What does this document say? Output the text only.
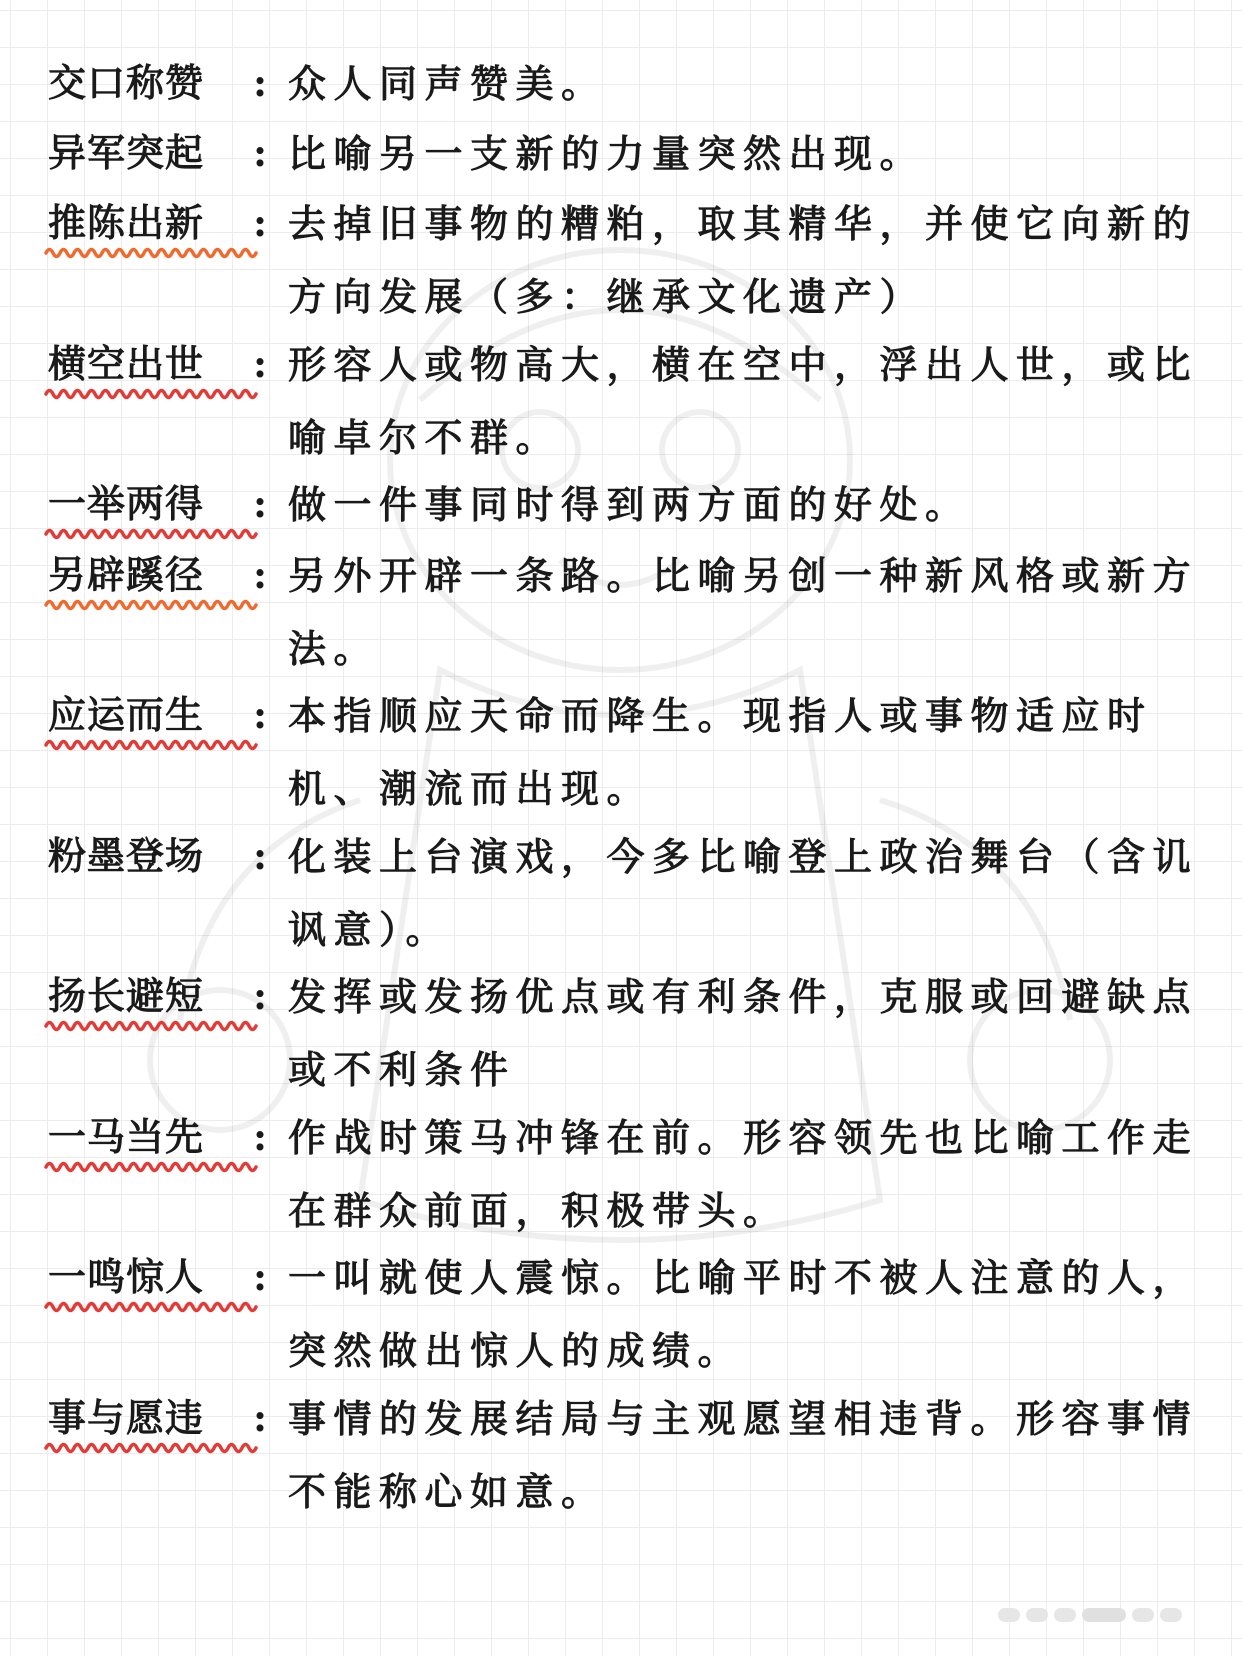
交口称赞	: 众人同声赞美。
异军突起	: 比喻另一支新的力量突然出现。
推陈出新	: 去掉旧事物的糟粕，取其精华，并使它向新的方向发展（多：继承文化遗产）
横空出世	: 形容人或物高大，横在空中，浮出人世，或比喻卓尔不群。
一举两得	: 做一件事同时得到两方面的好处。
另辟蹊径	: 另外开辟一条路。比喻另创一种新风格或新方法。
应运而生	: 本指顺应天命而降生。现指人或事物适应时机、潮流而出现。
粉墨登场	: 化装上台演戏，今多比喻登上政治舞台（含讥讽意）。
扬长避短	: 发挥或发扬优点或有利条件，克服或回避缺点或不利条件
一马当先	: 作战时策马冲锋在前。形容领先也比喻工作走在群众前面，积极带头。
一鸣惊人	: 一叫就使人震惊。比喻平时不被人注意的人，突然做出惊人的成绩。
事与愿违	: 事情的发展结局与主观愿望相违背。形容事情不能称心如意。
